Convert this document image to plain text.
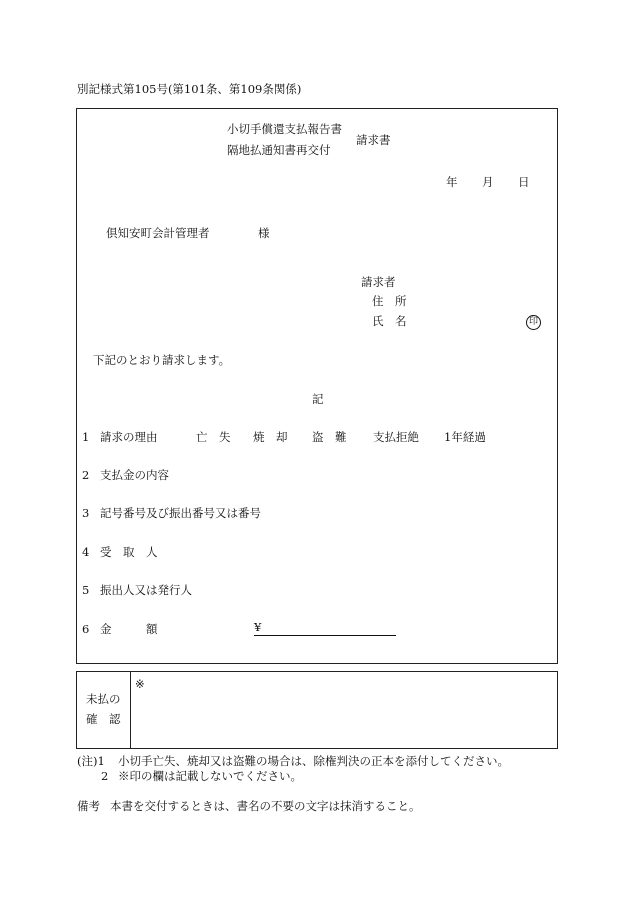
別記様式第105号(第101条、第109条関係)
小切手償還支払報告書
隔地払通知書再交付
請求書
年 月 日
倶知安町会計管理者	様
請求者
住　所
氏　名	印
下記のとおり請求します。
記
1 請求の理由	亡　失 焼　却 盗　難 支払拒絶 1年経過
2 支払金の内容
3 記号番号及び振出番号又は番号
4 受　取　人
5 振出人又は発行人
6 金　　　額	¥
未払の
確　認
※
(注)1 小切手亡失、焼却又は盗難の場合は、除権判決の正本を添付してください。
2 ※印の欄は記載しないでください。
備考 本書を交付するときは、書名の不要の文字は抹消すること。
